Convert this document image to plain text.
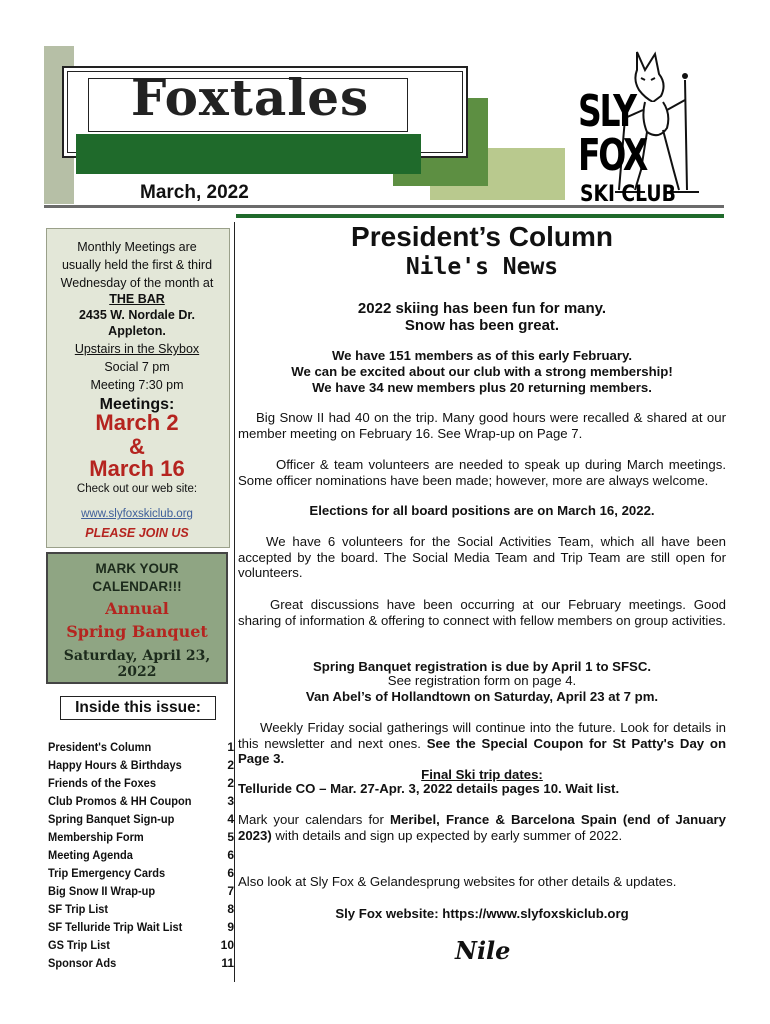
Foxtales
March, 2022
SLY
FOX
SKI CLUB
Monthly Meetings are
usually held the first & third
Wednesday of the month at
THE BAR
2435 W. Nordale Dr.
Appleton.
Upstairs in the Skybox
Social 7 pm
Meeting 7:30 pm
Meetings:
March 2
&
March 16
Check out our web site:
www.slyfoxskiclub.org
PLEASE JOIN US
MARK YOUR
CALENDAR!!!
Annual
Spring Banquet
Saturday, April 23, 2022
Inside this issue:
President's Column	1
Happy Hours & Birthdays	2
Friends of the Foxes	2
Club Promos & HH Coupon	3
Spring Banquet Sign-up	4
Membership Form	5
Meeting Agenda	6
Trip Emergency Cards	6
Big Snow II Wrap-up	7
SF Trip List	8
SF Telluride Trip Wait List	9
GS Trip List	10
Sponsor Ads	11
President’s Column
Nile's News
2022 skiing has been fun for many.
Snow has been great.
We have 151 members as of this early February.
We can be excited about our club with a strong membership!
We have 34 new members plus 20 returning members.
Big Snow II had 40 on the trip. Many good hours were recalled & shared at our member meeting on February 16. See Wrap-up on Page 7.
Officer & team volunteers are needed to speak up during March meetings. Some officer nominations have been made; however, more are always welcome.
Elections for all board positions are on March 16, 2022.
We have 6 volunteers for the Social Activities Team, which all have been accepted by the board. The Social Media Team and Trip Team are still open for volunteers.
Great discussions have been occurring at our February meetings. Good sharing of information & offering to connect with fellow members on group activities.
Spring Banquet registration is due by April 1 to SFSC.
See registration form on page 4.
Van Abel’s of Hollandtown on Saturday, April 23 at 7 pm.
Weekly Friday social gatherings will continue into the future. Look for details in this newsletter and next ones. See the Special Coupon for St Patty's Day on Page 3.
Final Ski trip dates:
Telluride CO – Mar. 27-Apr. 3, 2022 details pages 10. Wait list.
Mark your calendars for Meribel, France & Barcelona Spain (end of January 2023) with details and sign up expected by early summer of 2022.
Also look at Sly Fox & Gelandesprung websites for other details & updates.
Sly Fox website: https://www.slyfoxskiclub.org
Nile
